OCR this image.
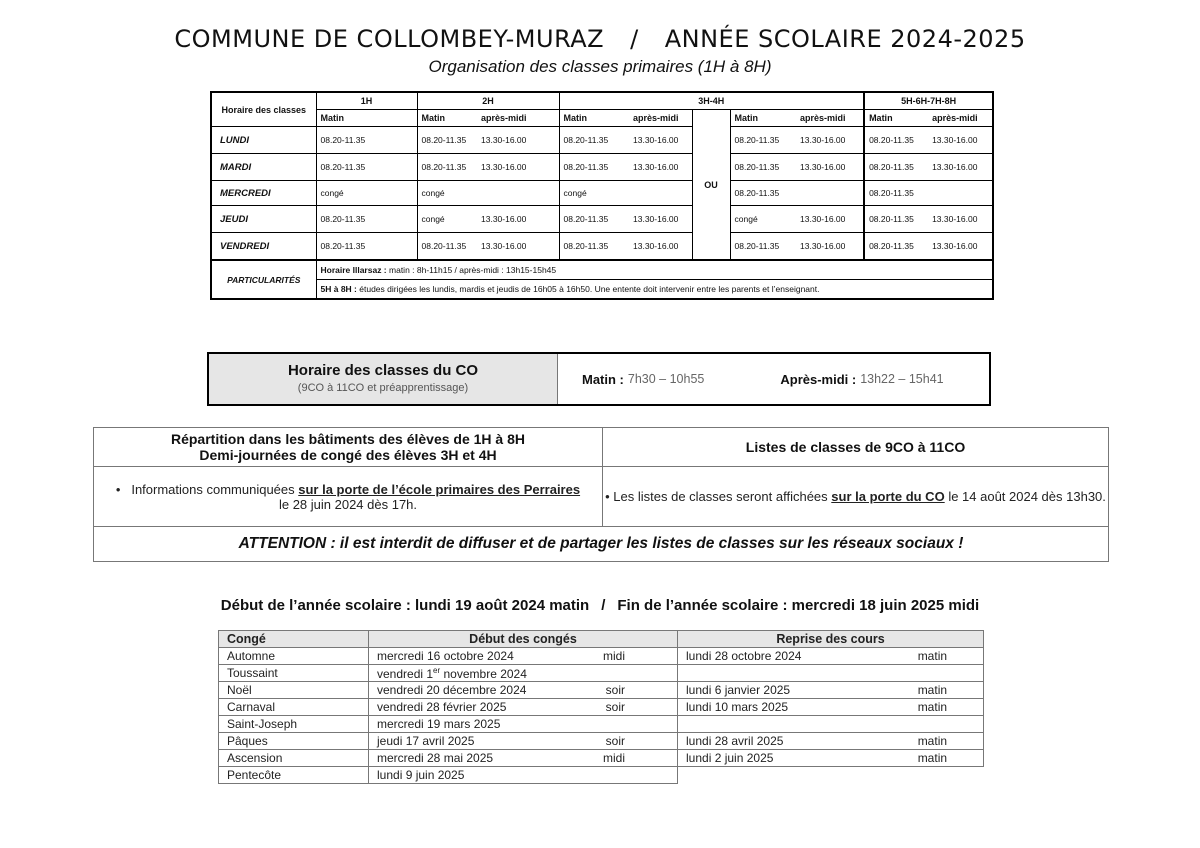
COMMUNE DE COLLOMBEY-MURAZ / ANNÉE SCOLAIRE 2024-2025
Organisation des classes primaires (1H à 8H)
Horaire des classes	1H	2H		3H-4H					5H-6H-7H-8H	
	Matin	Matin	après-midi	Matin	après-midi	OU	Matin	après-midi	Matin	après-midi
LUNDI	08.20-11.35	08.20-11.35	13.30-16.00	08.20-11.35	13.30-16.00		08.20-11.35	13.30-16.00	08.20-11.35	13.30-16.00
MARDI	08.20-11.35	08.20-11.35	13.30-16.00	08.20-11.35	13.30-16.00		08.20-11.35	13.30-16.00	08.20-11.35	13.30-16.00
MERCREDI	congé	congé		congé			08.20-11.35		08.20-11.35	
JEUDI	08.20-11.35	congé	13.30-16.00	08.20-11.35	13.30-16.00		congé	13.30-16.00	08.20-11.35	13.30-16.00
VENDREDI	08.20-11.35	08.20-11.35	13.30-16.00	08.20-11.35	13.30-16.00		08.20-11.35	13.30-16.00	08.20-11.35	13.30-16.00
PARTICULARITÉS	Horaire Illarsaz : matin : 8h-11h15 / après-midi : 13h15-15h45									
	5H à 8H : études dirigées les lundis, mardis et jeudis de 16h05 à 16h50. Une entente doit intervenir entre les parents et l’enseignant.									
Horaire des classes du CO
(9CO à 11CO et préapprentissage)
Matin : 7h30 – 10h55	Après-midi : 13h22 – 15h41
Répartition dans les bâtiments des élèves de 1H à 8H
Demi-journées de congé des élèves 3H et 4H	Listes de classes de 9CO à 11CO

• Informations communiquées sur la porte de l’école primaires des Perraires
le 28 juin 2024 dès 17h.	• Les listes de classes seront affichées sur la porte du CO le 14 août 2024 dès 13h30.
ATTENTION : il est interdit de diffuser et de partager les listes de classes sur les réseaux sociaux !	
Début de l’année scolaire : lundi 19 août 2024 matin / Fin de l’année scolaire : mercredi 18 juin 2025 midi
Congé	Début des congés		Reprise des cours	
Automne	mercredi 16 octobre 2024	midi	lundi 28 octobre 2024	matin
Toussaint	vendredi 1er novembre 2024			
Noël	vendredi 20 décembre 2024	soir	lundi 6 janvier 2025	matin
Carnaval	vendredi 28 février 2025	soir	lundi 10 mars 2025	matin
Saint-Joseph	mercredi 19 mars 2025			
Pâques	jeudi 17 avril 2025	soir	lundi 28 avril 2025	matin
Ascension	mercredi 28 mai 2025	midi	lundi 2 juin 2025	matin
Pentecôte	lundi 9 juin 2025			
